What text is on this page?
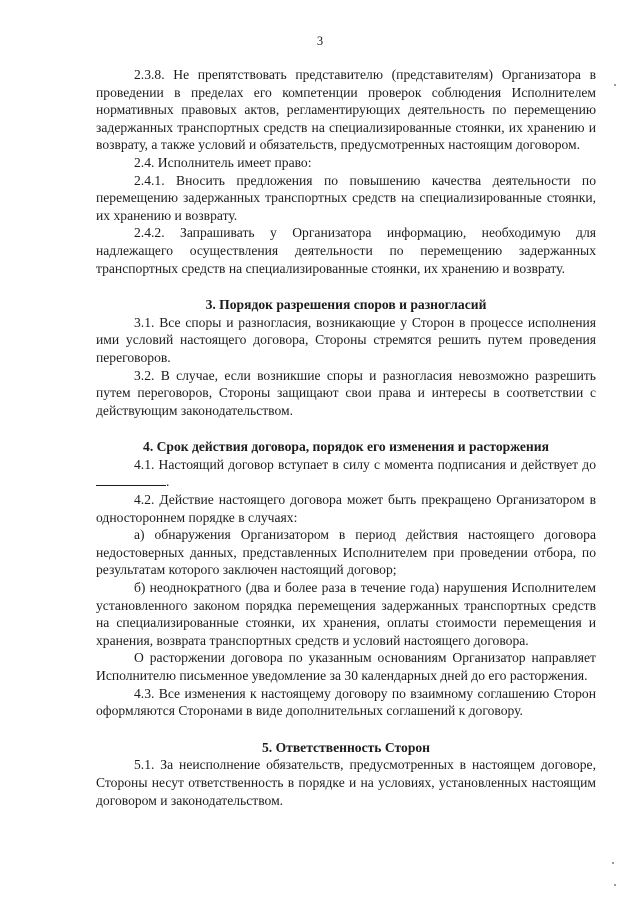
3

2.3.8. Не препятствовать представителю (представителям) Организатора в проведении в пределах его компетенции проверок соблюдения Исполнителем нормативных правовых актов, регламентирующих деятельность по перемещению задержанных транспортных средств на специализированные стоянки, их хранению и возврату, а также условий и обязательств, предусмотренных настоящим договором.

2.4. Исполнитель имеет право:

2.4.1. Вносить предложения по повышению качества деятельности по перемещению задержанных транспортных средств на специализированные стоянки, их хранению и возврату.

2.4.2. Запрашивать у Организатора информацию, необходимую для надлежащего осуществления деятельности по перемещению задержанных транспортных средств на специализированные стоянки, их хранению и возврату.

3. Порядок разрешения споров и разногласий

3.1. Все споры и разногласия, возникающие у Сторон в процессе исполнения ими условий настоящего договора, Стороны стремятся решить путем проведения переговоров.

3.2. В случае, если возникшие споры и разногласия невозможно разрешить путем переговоров, Стороны защищают свои права и интересы в соответствии с действующим законодательством.

4. Срок действия договора, порядок его изменения и расторжения

4.1. Настоящий договор вступает в силу с момента подписания и действует до .

4.2. Действие настоящего договора может быть прекращено Организатором в одностороннем порядке в случаях:

а) обнаружения Организатором в период действия настоящего договора недостоверных данных, представленных Исполнителем при проведении отбора, по результатам которого заключен настоящий договор;

б) неоднократного (два и более раза в течение года) нарушения Исполнителем установленного законом порядка перемещения задержанных транспортных средств на специализированные стоянки, их хранения, оплаты стоимости перемещения и хранения, возврата транспортных средств и условий настоящего договора.

О расторжении договора по указанным основаниям Организатор направляет Исполнителю письменное уведомление за 30 календарных дней до его расторжения.

4.3. Все изменения к настоящему договору по взаимному соглашению Сторон оформляются Сторонами в виде дополнительных соглашений к договору.

5. Ответственность Сторон

5.1. За неисполнение обязательств, предусмотренных в настоящем договоре, Стороны несут ответственность в порядке и на условиях, установленных настоящим договором и законодательством.
